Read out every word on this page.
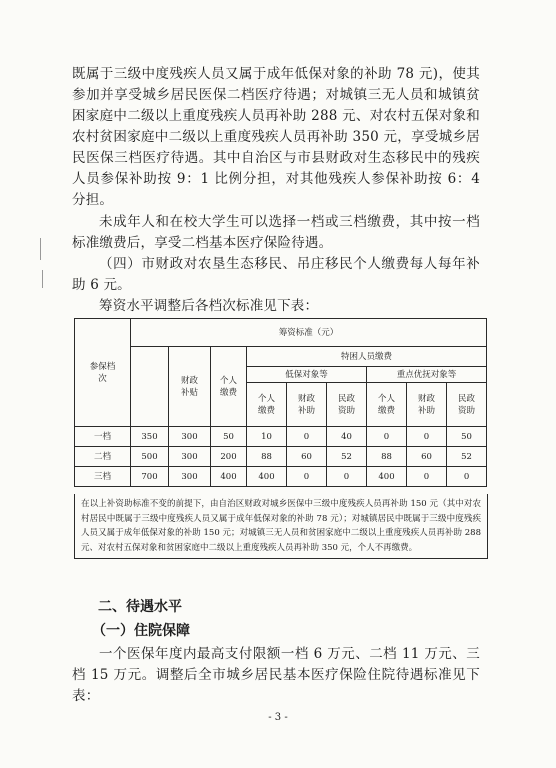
既属于三级中度残疾人员又属于成年低保对象的补助 78 元)，使其参加并享受城乡居民医保二档医疗待遇；对城镇三无人员和城镇贫困家庭中二级以上重度残疾人员再补助 288 元、对农村五保对象和农村贫困家庭中二级以上重度残疾人员再补助 350 元，享受城乡居民医保三档医疗待遇。其中自治区与市县财政对生态移民中的残疾人员参保补助按 9：1 比例分担，对其他残疾人参保补助按 6：4 分担。

未成年人和在校大学生可以选择一档或三档缴费，其中按一档标准缴费后，享受二档基本医疗保险待遇。

（四）市财政对农垦生态移民、吊庄移民个人缴费每人每年补助 6 元。

筹资水平调整后各档次标准见下表：

参保档次	筹资标准（元）								
		财政补贴	个人缴费	特困人员缴费					
				低保对象等			重点优抚对象等		
				个人缴费	财政补助	民政资助	个人缴费	财政补助	民政资助
一档	350	300	50	10	0	40	0	0	50
二档	500	300	200	88	60	52	88	60	52
三档	700	300	400	400	0	0	400	0	0
在以上补资助标准不变的前提下，由自治区财政对城乡医保中三级中度残疾人员再补助 150 元（其中对农村居民中既属于三级中度残疾人员又属于成年低保对象的补助 78 元）；对城镇居民中既属于三级中度残疾人员又属于成年低保对象的补助 150 元；对城镇三无人员和贫困家庭中二级以上重度残疾人员再补助 288 元、对农村五保对象和贫困家庭中二级以上重度残疾人员再补助 350 元，个人不再缴费。
二、待遇水平
（一）住院保障

一个医保年度内最高支付限额一档 6 万元、二档 11 万元、三档 15 万元。调整后全市城乡居民基本医疗保险住院待遇标准见下表：

- 3 -
